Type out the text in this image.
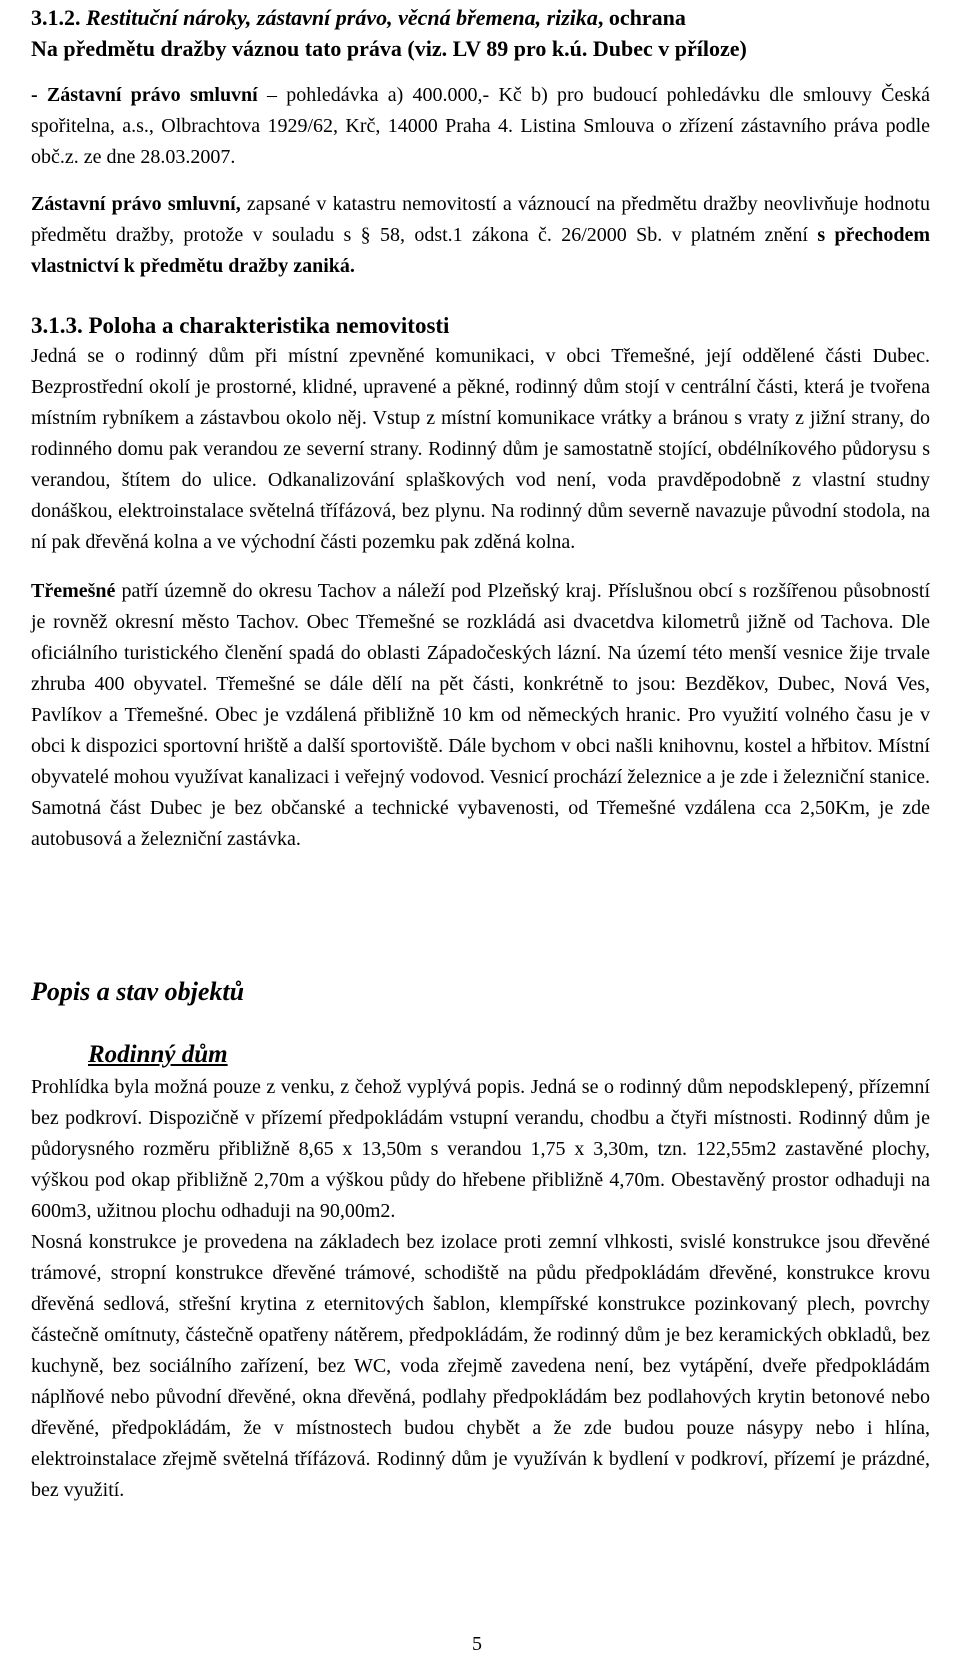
3.1.2. Restituční nároky, zástavní právo, věcná břemena, rizika, ochrana
Na předmětu dražby váznou tato práva (viz. LV 89 pro k.ú. Dubec v příloze)

- Zástavní právo smluvní – pohledávka a) 400.000,- Kč b) pro budoucí pohledávku dle smlouvy Česká spořitelna, a.s., Olbrachtova 1929/62, Krč, 14000 Praha 4. Listina Smlouva o zřízení zástavního práva podle obč.z. ze dne 28.03.2007.

Zástavní právo smluvní, zapsané v katastru nemovitostí a váznoucí na předmětu dražby neovlivňuje hodnotu předmětu dražby, protože v souladu s § 58, odst.1 zákona č. 26/2000 Sb. v platném znění s přechodem vlastnictví k předmětu dražby zaniká.

3.1.3. Poloha a charakteristika nemovitosti

Jedná se o rodinný dům při místní zpevněné komunikaci, v obci Třemešné, její oddělené části Dubec. Bezprostřední okolí je prostorné, klidné, upravené a pěkné, rodinný dům stojí v centrální části, která je tvořena místním rybníkem a zástavbou okolo něj. Vstup z místní komunikace vrátky a bránou s vraty z jižní strany, do rodinného domu pak verandou ze severní strany. Rodinný dům je samostatně stojící, obdélníkového půdorysu s verandou, štítem do ulice. Odkanalizování splaškových vod není, voda pravděpodobně z vlastní studny donáškou, elektroinstalace světelná třífázová, bez plynu. Na rodinný dům severně navazuje původní stodola, na ní pak dřevěná kolna a ve východní části pozemku pak zděná kolna.

Třemešné patří územně do okresu Tachov a náleží pod Plzeňský kraj. Příslušnou obcí s rozšířenou působností je rovněž okresní město Tachov. Obec Třemešné se rozkládá asi dvacetdva kilometrů jižně od Tachova. Dle oficiálního turistického členění spadá do oblasti Západočeských lázní. Na území této menší vesnice žije trvale zhruba 400 obyvatel. Třemešné se dále dělí na pět části, konkrétně to jsou: Bezděkov, Dubec, Nová Ves, Pavlíkov a Třemešné. Obec je vzdálená přibližně 10 km od německých hranic. Pro využití volného času je v obci k dispozici sportovní hriště a další sportoviště. Dále bychom v obci našli knihovnu, kostel a hřbitov. Místní obyvatelé mohou využívat kanalizaci i veřejný vodovod. Vesnicí prochází železnice a je zde i železniční stanice. Samotná část Dubec je bez občanské a technické vybavenosti, od Třemešné vzdálena cca 2,50Km, je zde autobusová a železniční zastávka.

Popis a stav objektů
Rodinný dům

Prohlídka byla možná pouze z venku, z čehož vyplývá popis. Jedná se o rodinný dům nepodsklepený, přízemní bez podkroví. Dispozičně v přízemí předpokládám vstupní verandu, chodbu a čtyři místnosti. Rodinný dům je půdorysného rozměru přibližně 8,65 x 13,50m s verandou 1,75 x 3,30m, tzn. 122,55m2 zastavěné plochy, výškou pod okap přibližně 2,70m a výškou půdy do hřebene přibližně 4,70m. Obestavěný prostor odhaduji na 600m3, užitnou plochu odhaduji na 90,00m2.

Nosná konstrukce je provedena na základech bez izolace proti zemní vlhkosti, svislé konstrukce jsou dřevěné trámové, stropní konstrukce dřevěné trámové, schodiště na půdu předpokládám dřevěné, konstrukce krovu dřevěná sedlová, střešní krytina z eternitových šablon, klempířské konstrukce pozinkovaný plech, povrchy částečně omítnuty, částečně opatřeny nátěrem, předpokládám, že rodinný dům je bez keramických obkladů, bez kuchyně, bez sociálního zařízení, bez WC, voda zřejmě zavedena není, bez vytápění, dveře předpokládám náplňové nebo původní dřevěné, okna dřevěná, podlahy předpokládám bez podlahových krytin betonové nebo dřevěné, předpokládám, že v místnostech budou chybět a že zde budou pouze násypy nebo i hlína, elektroinstalace zřejmě světelná třífázová. Rodinný dům je využíván k bydlení v podkroví, přízemí je prázdné, bez využití.

5
